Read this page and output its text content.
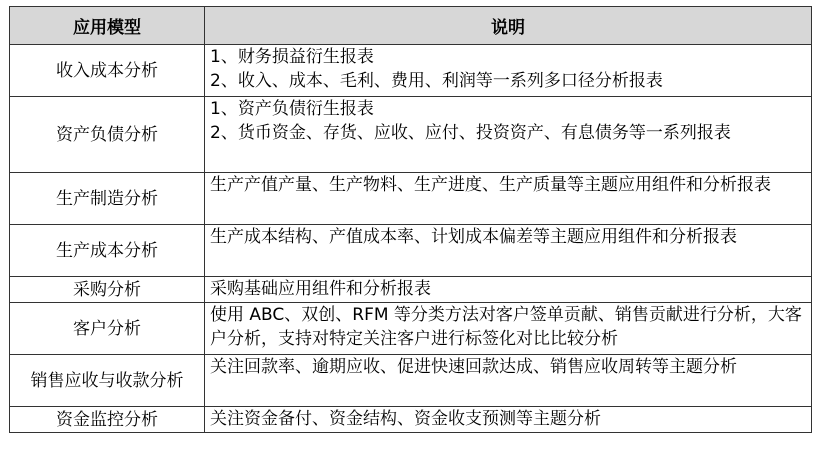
应用模型	说明
收入成本分析	1、财务损益衍生报表
2、收入、成本、毛利、费用、利润等一系列多口径分析报表

资产负债分析	1、资产负债衍生报表
2、货币资金、存货、应收、应付、投资资产、有息债务等一系列报表

生产制造分析	生产产值产量、生产物料、生产进度、生产质量等主题应用组件和分析报表

生产成本分析	生产成本结构、产值成本率、计划成本偏差等主题应用组件和分析报表

采购分析	采购基础应用组件和分析报表

客户分析	使用 ABC、双创、RFM 等分类方法对客户签单贡献、销售贡献进行分析，大客户分析，支持对特定关注客户进行标签化对比比较分析

销售应收与收款分析	关注回款率、逾期应收、促进快速回款达成、销售应收周转等主题分析

资金监控分析	关注资金备付、资金结构、资金收支预测等主题分析
